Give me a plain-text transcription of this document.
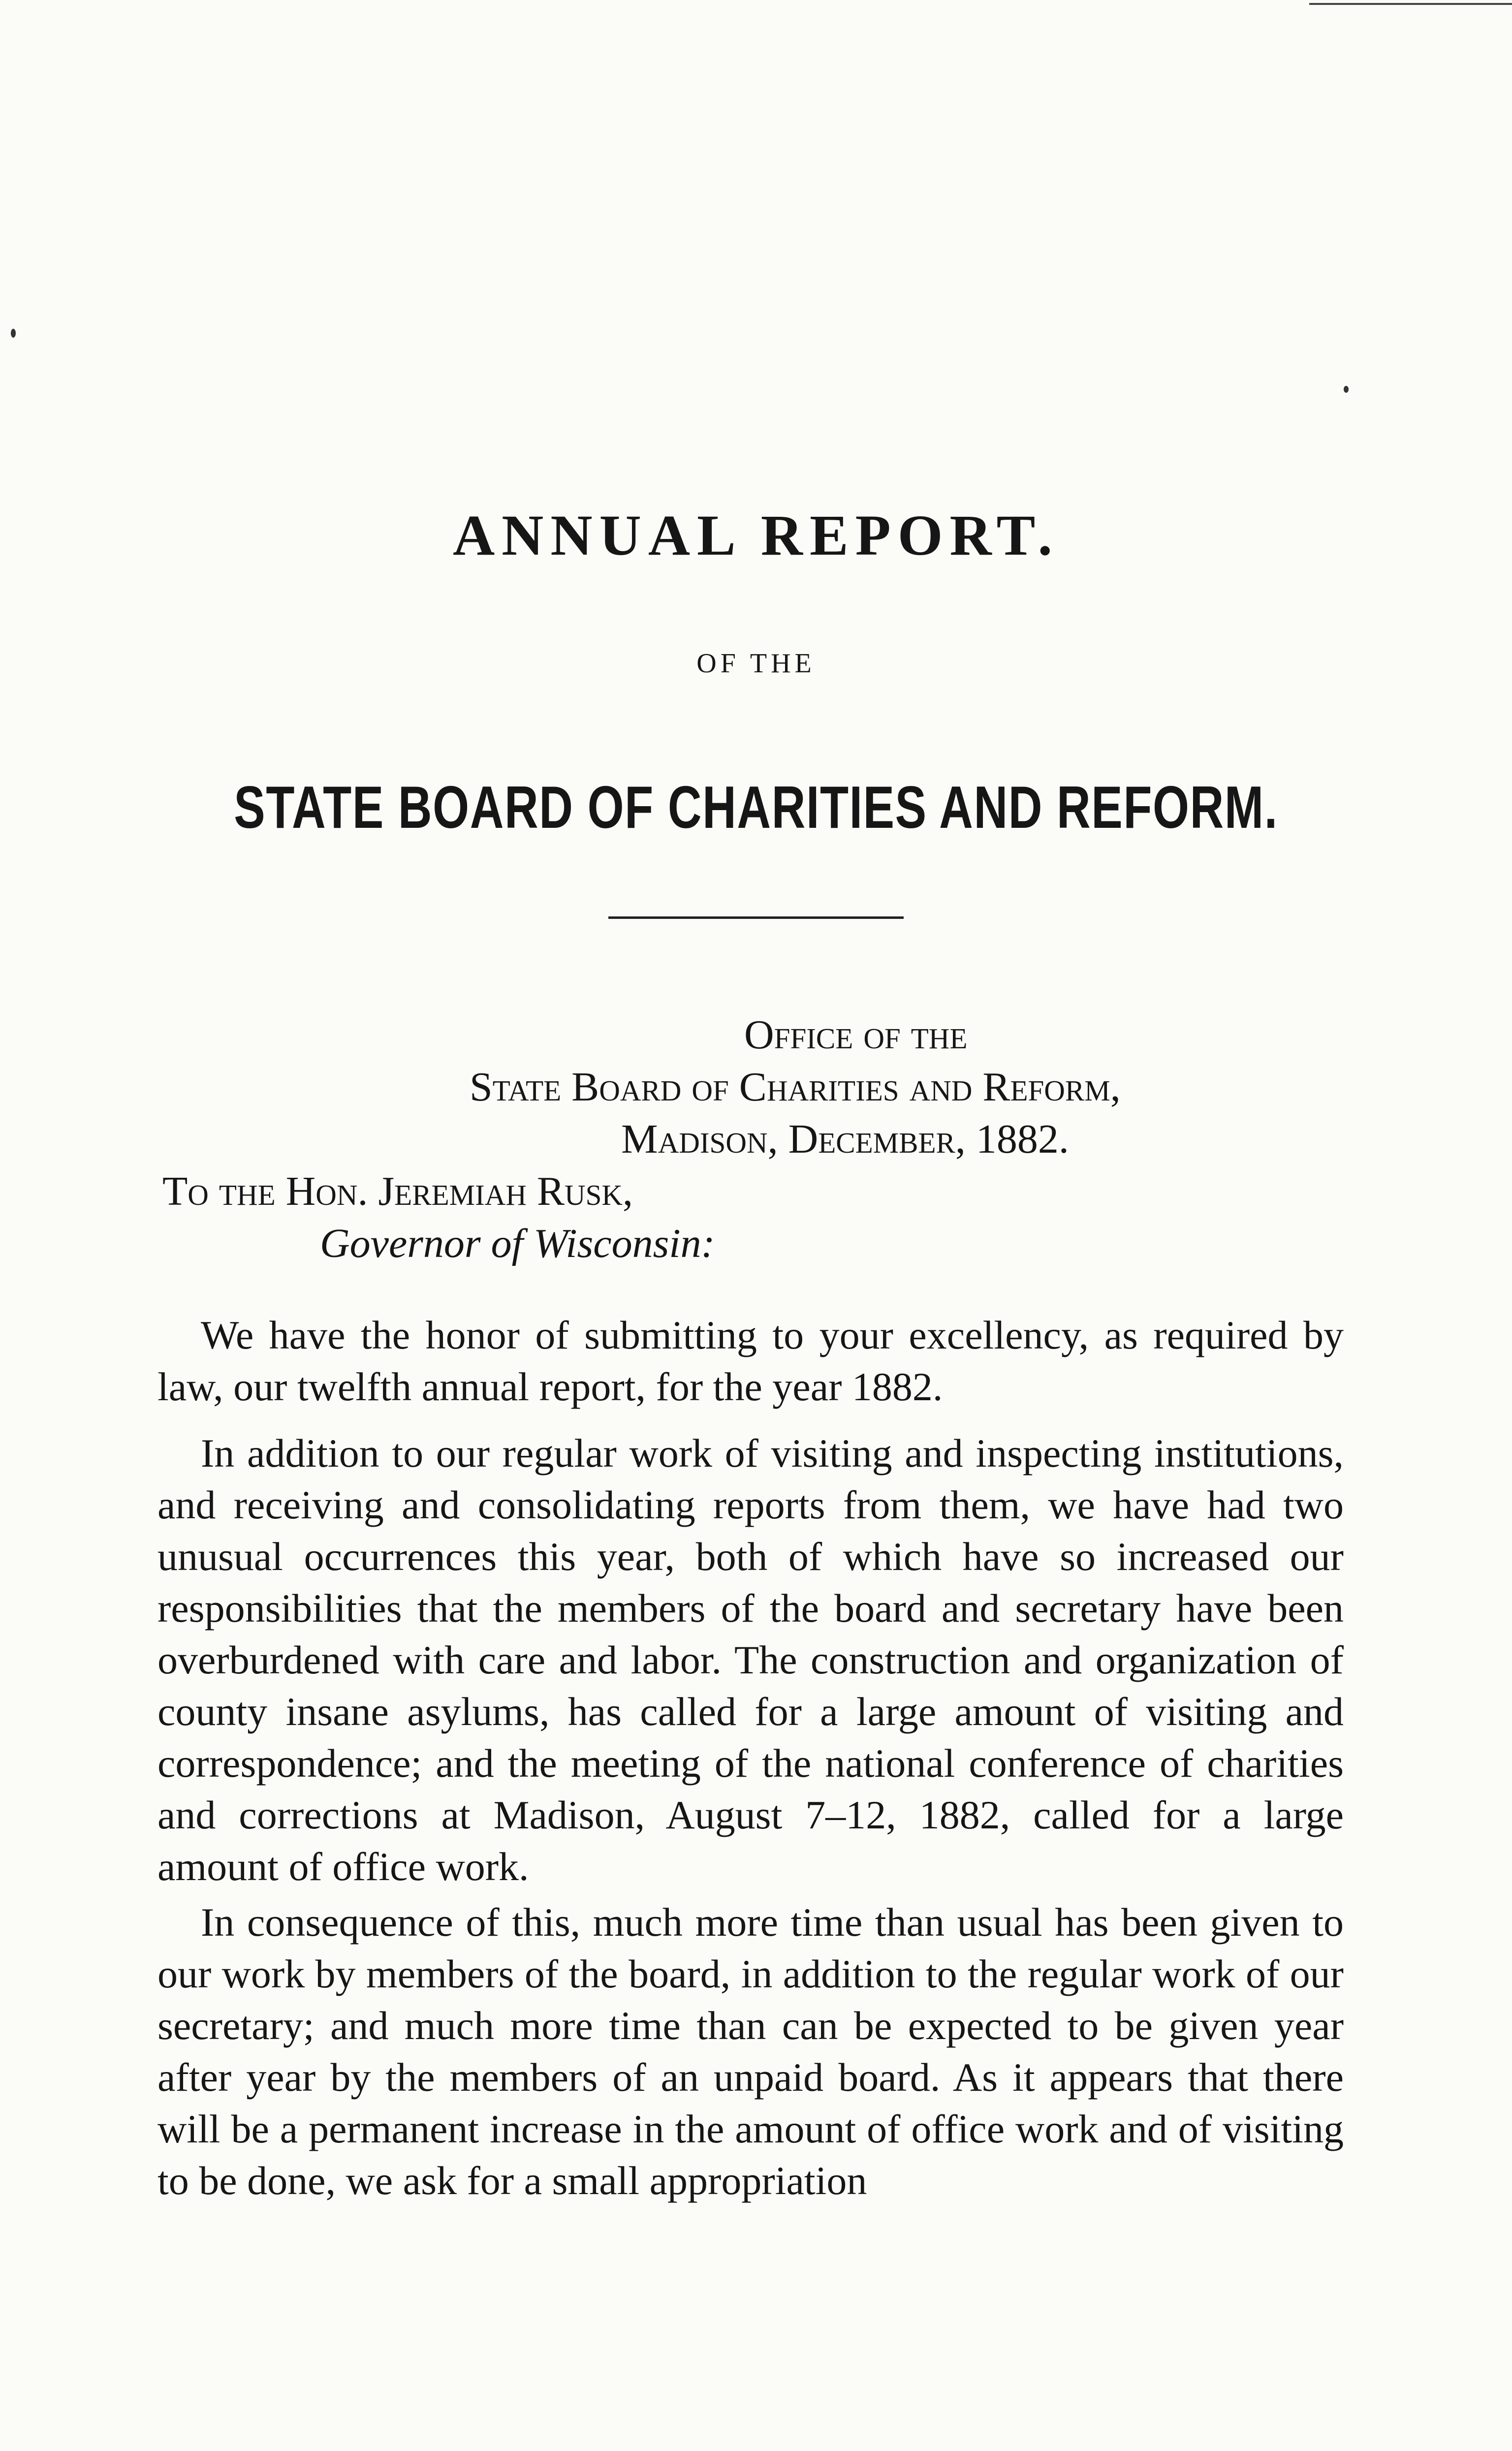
ANNUAL REPORT.
OF THE
STATE BOARD OF CHARITIES AND REFORM.
Office of the
State Board of Charities and Reform,
Madison, December, 1882.
To the Hon. Jeremiah Rusk,
Governor of Wisconsin:

We have the honor of submitting to your excellency, as required by law, our twelfth annual report, for the year 1882.

In addition to our regular work of visiting and inspecting institutions, and receiving and consolidating reports from them, we have had two unusual occurrences this year, both of which have so increased our responsibilities that the members of the board and secretary have been overburdened with care and labor. The construction and organization of county insane asylums, has called for a large amount of visiting and correspondence; and the meeting of the national conference of charities and corrections at Madison, August 7–12, 1882, called for a large amount of office work.

In consequence of this, much more time than usual has been given to our work by members of the board, in addition to the regular work of our secretary; and much more time than can be expected to be given year after year by the members of an unpaid board. As it appears that there will be a permanent increase in the amount of office work and of visiting to be done, we ask for a small appropriation
